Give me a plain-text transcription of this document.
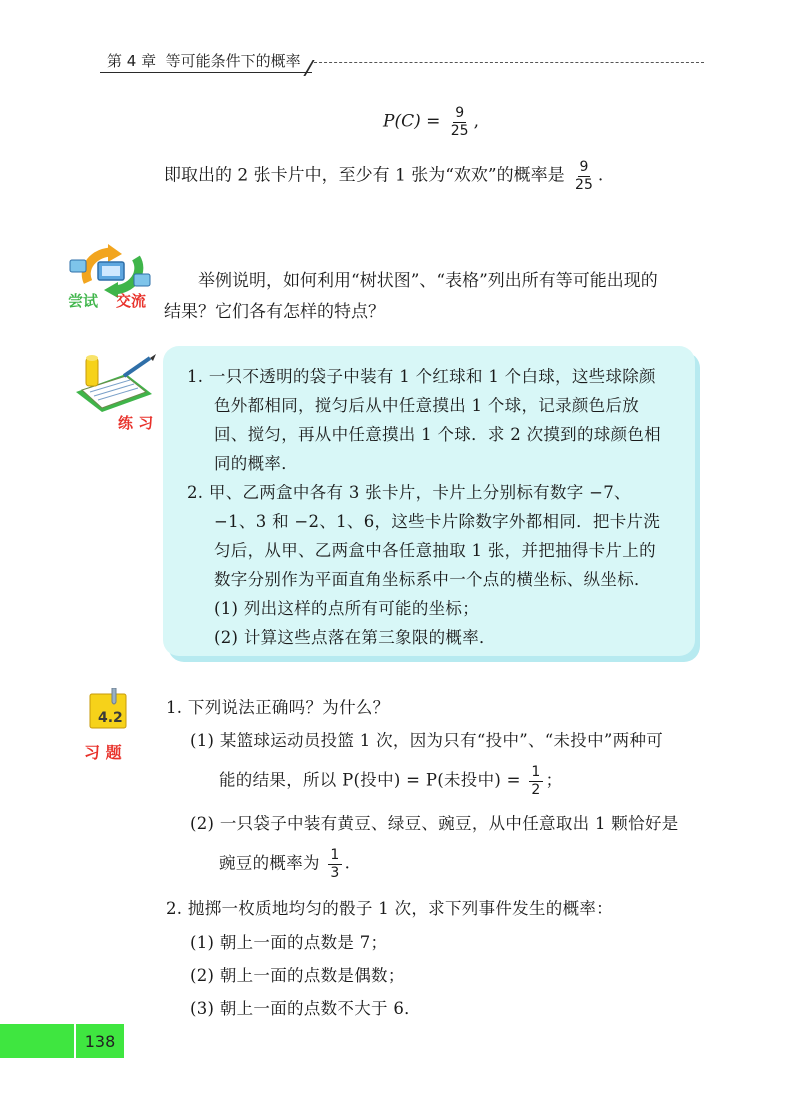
第 4 章 等可能条件下的概率
$P(C) = \frac{9}{25}$ ,
即取出的 2 张卡片中，至少有 1 张为“欢欢”的概率是 $\frac{9}{25}$ .
尝试 交流
举例说明，如何利用“树状图”、“表格”列出所有等可能出现的
结果？它们各有怎样的特点？
练 习
1. 一只不透明的袋子中装有 1 个红球和 1 个白球，这些球除颜
色外都相同，搅匀后从中任意摸出 1 个球，记录颜色后放
回、搅匀，再从中任意摸出 1 个球．求 2 次摸到的球颜色相
同的概率．
2. 甲、乙两盒中各有 3 张卡片，卡片上分别标有数字 −7、
−1、3 和 −2、1、6，这些卡片除数字外都相同．把卡片洗
匀后，从甲、乙两盒中各任意抽取 1 张，并把抽得卡片上的
数字分别作为平面直角坐标系中一个点的横坐标、纵坐标．
(1) 列出这样的点所有可能的坐标；
(2) 计算这些点落在第三象限的概率．
4.2
习 题
1. 下列说法正确吗？为什么？
(1) 某篮球运动员投篮 1 次，因为只有“投中”、“未投中”两种可
能的结果，所以 P(投中) = P(未投中) = $\frac{1}{2}$ ；
(2) 一只袋子中装有黄豆、绿豆、豌豆，从中任意取出 1 颗恰好是
豌豆的概率为 $\frac{1}{3}$ .
2. 抛掷一枚质地均匀的骰子 1 次，求下列事件发生的概率：
(1) 朝上一面的点数是 7；
(2) 朝上一面的点数是偶数；
(3) 朝上一面的点数不大于 6．
138
